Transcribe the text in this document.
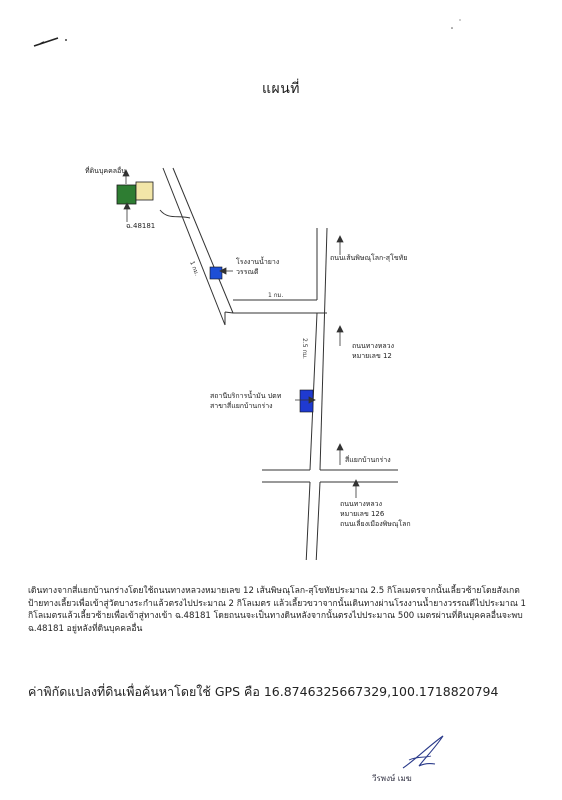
แผนที่
1 กม.
1 กม.
2.5 กม.
ที่ดินบุคคลอื่น
ฉ.48181
โรงงานน้ำยาง
วรรณดี
ถนนเส้นพิษณุโลก-สุโขทัย
ถนนทางหลวง
หมายเลข 12
สถานีบริการน้ำมัน ปตท
สาขาสี่แยกบ้านกร่าง
สี่แยกบ้านกร่าง
ถนนทางหลวง
หมายเลข 126
ถนนเลี่ยงเมืองพิษณุโลก

เดินทางจากสี่แยกบ้านกร่างโดยใช้ถนนทางหลวงหมายเลข 12 เส้นพิษณุโลก-สุโขทัยประมาณ 2.5 กิโลเมตรจากนั้นเลี้ยวซ้ายโดยสังเกตป้ายทางเลี้ยวเพื่อเข้าสู่วัดบางระกำแล้วตรงไปประมาณ 2 กิโลเมตร แล้วเลี้ยวขวาจากนั้นเดินทางผ่านโรงงานน้ำยางวรรณดีไปประมาณ 1 กิโลเมตรแล้วเลี้ยวซ้ายเพื่อเข้าสู่ทางเข้า ฉ.48181 โดยถนนจะเป็นทางดินหลังจากนั้นตรงไปประมาณ 500 เมตรผ่านที่ดินบุคคลอื่นจะพบ ฉ.48181 อยู่หลังที่ดินบุคคลอื่น

ค่าพิกัดแปลงที่ดินเพื่อค้นหาโดยใช้ GPS คือ 16.8746325667329,100.1718820794
วีรพงษ์ เมฆ
